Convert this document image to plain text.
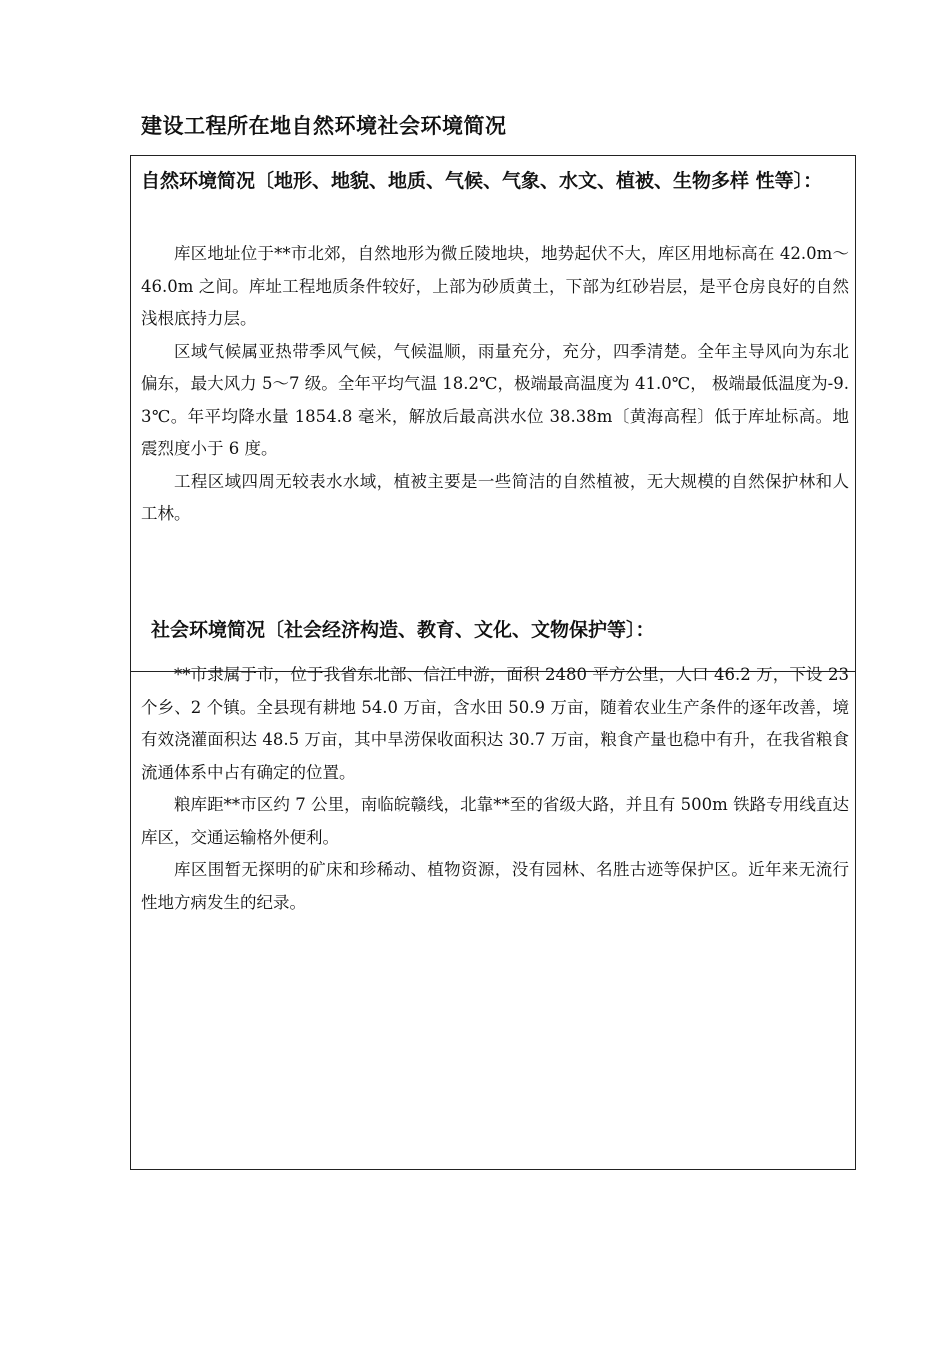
建设工程所在地自然环境社会环境简况
自然环境简况〔地形、地貌、地质、气候、气象、水文、植被、生物多样 性等〕：

库区地址位于**市北郊，自然地形为微丘陵地块，地势起伏不大，库区用地标高在 42.0m～46.0m 之间。库址工程地质条件较好，上部为砂质黄土，下部为红砂岩层，是平仓房良好的自然浅根底持力层。

区域气候属亚热带季风气候，气候温顺，雨量充分，充分，四季清楚。全年主导风向为东北偏东，最大风力 5～7 级。全年平均气温 18.2℃，极端最高温度为 41.0℃， 极端最低温度为-9.3℃。年平均降水量 1854.8 毫米，解放后最高洪水位 38.38m〔黄海高程〕低于库址标高。地震烈度小于 6 度。

工程区域四周无较表水水域，植被主要是一些简洁的自然植被，无大规模的自然保护林和人工林。

社会环境简况〔社会经济构造、教育、文化、文物保护等〕：

**市隶属于市，位于我省东北部、信江中游，面积 2480 平方公里，人口 46.2 万，下设 23 个乡、2 个镇。全县现有耕地 54.0 万亩，含水田 50.9 万亩，随着农业生产条件的逐年改善，境有效浇灌面积达 48.5 万亩，其中旱涝保收面积达 30.7 万亩，粮食产量也稳中有升，在我省粮食流通体系中占有确定的位置。

粮库距**市区约 7 公里，南临皖赣线，北靠**至的省级大路，并且有 500m 铁路专用线直达库区，交通运输格外便利。

库区围暂无探明的矿床和珍稀动、植物资源，没有园林、名胜古迹等保护区。近年来无流行性地方病发生的纪录。
